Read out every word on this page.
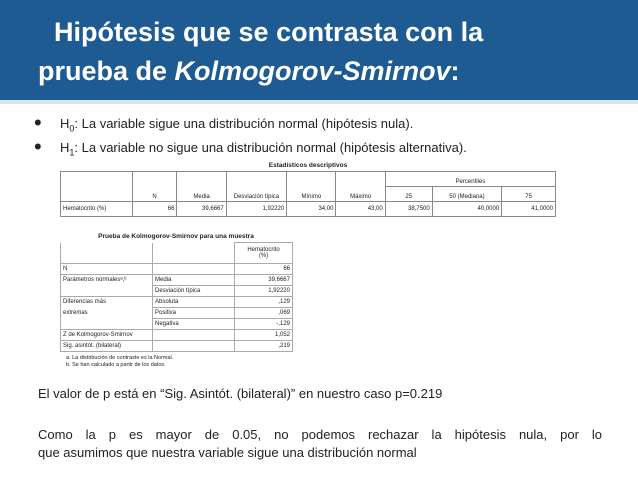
Hipótesis que se contrasta con la
prueba de Kolmogorov-Smirnov:
• $H_0$: La variable sigue una distribución normal (hipótesis nula).
• $H_1$: La variable no sigue una distribución normal (hipótesis alternativa).
Estadísticos descriptivos
	N	Media	Desviación típica	Mínimo	Máximo	Percentiles		
						25	50 (Mediana)	75
Hematocrito (%)	66	39,6667	1,92220	34,00	43,00	38,7500	40,0000	41,0000
Prueba de Kolmogorov-Smirnov para una muestra
		Hematocrito
(%)
N		66
Parámetros normalesᵃ,ᵇ	Media	39,6667
	Desviación típica	1,92220
Diferencias más	Absoluta	,129
extremas	Positiva	,069
	Negativa	-,129
Z de Kolmogorov-Smirnov		1,052
Sig. asintót. (bilateral)		,219
a. La distribución de contraste es la Normal.
b. Se han calculado a partir de los datos.
El valor de p está en “Sig. Asintót. (bilateral)” en nuestro caso p=0.219
Como la p es mayor de 0.05, no podemos rechazar la hipótesis nula, por lo
que asumimos que nuestra variable sigue una distribución normal
